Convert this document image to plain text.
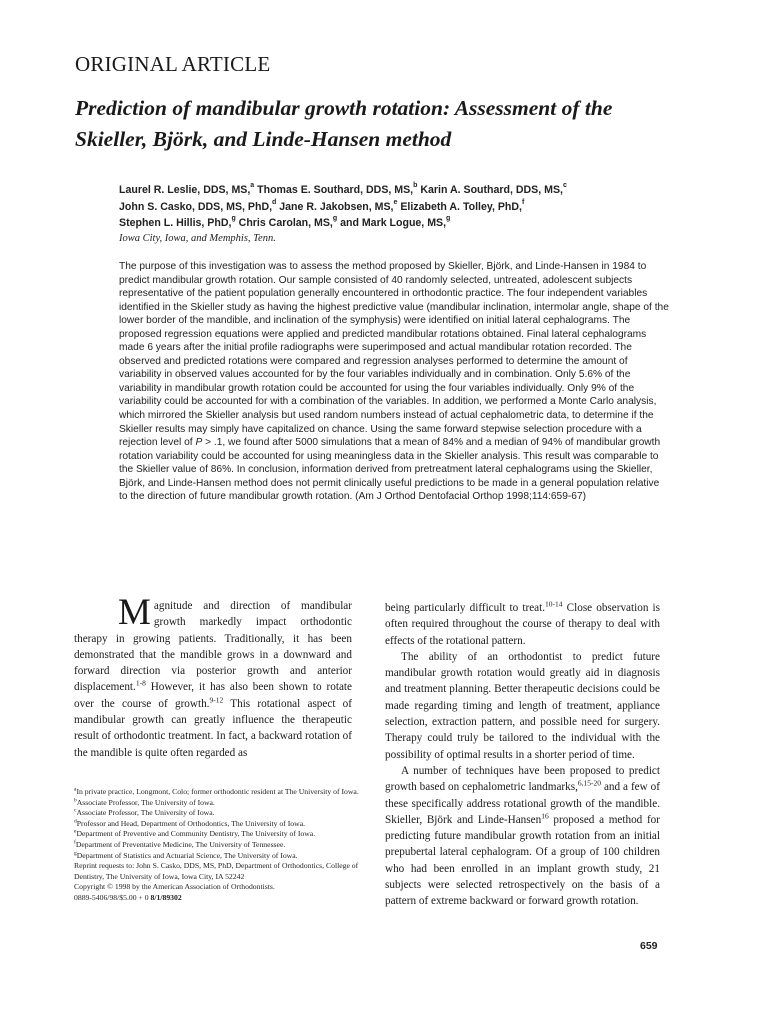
ORIGINAL ARTICLE
Prediction of mandibular growth rotation: Assessment of the Skieller, Björk, and Linde-Hansen method
Laurel R. Leslie, DDS, MS,$^a$ Thomas E. Southard, DDS, MS,$^b$ Karin A. Southard, DDS, MS,$^c$
John S. Casko, DDS, MS, PhD,$^d$ Jane R. Jakobsen, MS,$^e$ Elizabeth A. Tolley, PhD,$^f$
Stephen L. Hillis, PhD,$^g$ Chris Carolan, MS,$^g$ and Mark Logue, MS,$^g$
Iowa City, Iowa, and Memphis, Tenn.
The purpose of this investigation was to assess the method proposed by Skieller, Björk, and Linde-Hansen in 1984 to predict mandibular growth rotation. Our sample consisted of 40 randomly selected, untreated, adolescent subjects representative of the patient population generally encountered in orthodontic practice. The four independent variables identified in the Skieller study as having the highest predictive value (mandibular inclination, intermolar angle, shape of the lower border of the mandible, and inclination of the symphysis) were identified on initial lateral cephalograms. The proposed regression equations were applied and predicted mandibular rotations obtained. Final lateral cephalograms made 6 years after the initial profile radiographs were superimposed and actual mandibular rotation recorded. The observed and predicted rotations were compared and regression analyses performed to determine the amount of variability in observed values accounted for by the four variables individually and in combination. Only 5.6% of the variability in mandibular growth rotation could be accounted for using the four variables individually. Only 9% of the variability could be accounted for with a combination of the variables. In addition, we performed a Monte Carlo analysis, which mirrored the Skieller analysis but used random numbers instead of actual cephalometric data, to determine if the Skieller results may simply have capitalized on chance. Using the same forward stepwise selection procedure with a rejection level of P > .1, we found after 5000 simulations that a mean of 84% and a median of 94% of mandibular growth rotation variability could be accounted for using meaningless data in the Skieller analysis. This result was comparable to the Skieller value of 86%. In conclusion, information derived from pretreatment lateral cephalograms using the Skieller, Björk, and Linde-Hansen method does not permit clinically useful predictions to be made in a general population relative to the direction of future mandibular growth rotation. (Am J Orthod Dentofacial Orthop 1998;114:659-67)
Magnitude and direction of mandibular growth markedly impact orthodontic therapy in growing patients. Traditionally, it has been demonstrated that the mandible grows in a downward and forward direction via posterior growth and anterior displacement.$^{1-8}$ However, it has also been shown to rotate over the course of growth.$^{9-12}$ This rotational aspect of mandibular growth can greatly influence the therapeutic result of orthodontic treatment. In fact, a backward rotation of the mandible is quite often regarded as
$^a$In private practice, Longmont, Colo; former orthodontic resident at The University of Iowa.
$^b$Associate Professor, The University of Iowa.
$^c$Associate Professor, The University of Iowa.
$^d$Professor and Head, Department of Orthodontics, The University of Iowa.
$^e$Department of Preventive and Community Dentistry, The University of Iowa.
$^f$Department of Preventative Medicine, The University of Tennessee.
$^g$Department of Statistics and Actuarial Science, The University of Iowa.
Reprint requests to: John S. Casko, DDS, MS, PhD, Department of Orthodontics, College of Dentistry, The University of Iowa, Iowa City, IA 52242
Copyright © 1998 by the American Association of Orthodontists.
0889-5406/98/$5.00 + 0 8/1/89302

being particularly difficult to treat.$^{10-14}$ Close observation is often required throughout the course of therapy to deal with effects of the rotational pattern.

The ability of an orthodontist to predict future mandibular growth rotation would greatly aid in diagnosis and treatment planning. Better therapeutic decisions could be made regarding timing and length of treatment, appliance selection, extraction pattern, and possible need for surgery. Therapy could truly be tailored to the individual with the possibility of optimal results in a shorter period of time.

A number of techniques have been proposed to predict growth based on cephalometric landmarks,$^{6,15-20}$ and a few of these specifically address rotational growth of the mandible. Skieller, Björk and Linde-Hansen$^{16}$ proposed a method for predicting future mandibular growth rotation from an initial prepubertal lateral cephalogram. Of a group of 100 children who had been enrolled in an implant growth study, 21 subjects were selected retrospectively on the basis of a pattern of extreme backward or forward growth rotation.

659
